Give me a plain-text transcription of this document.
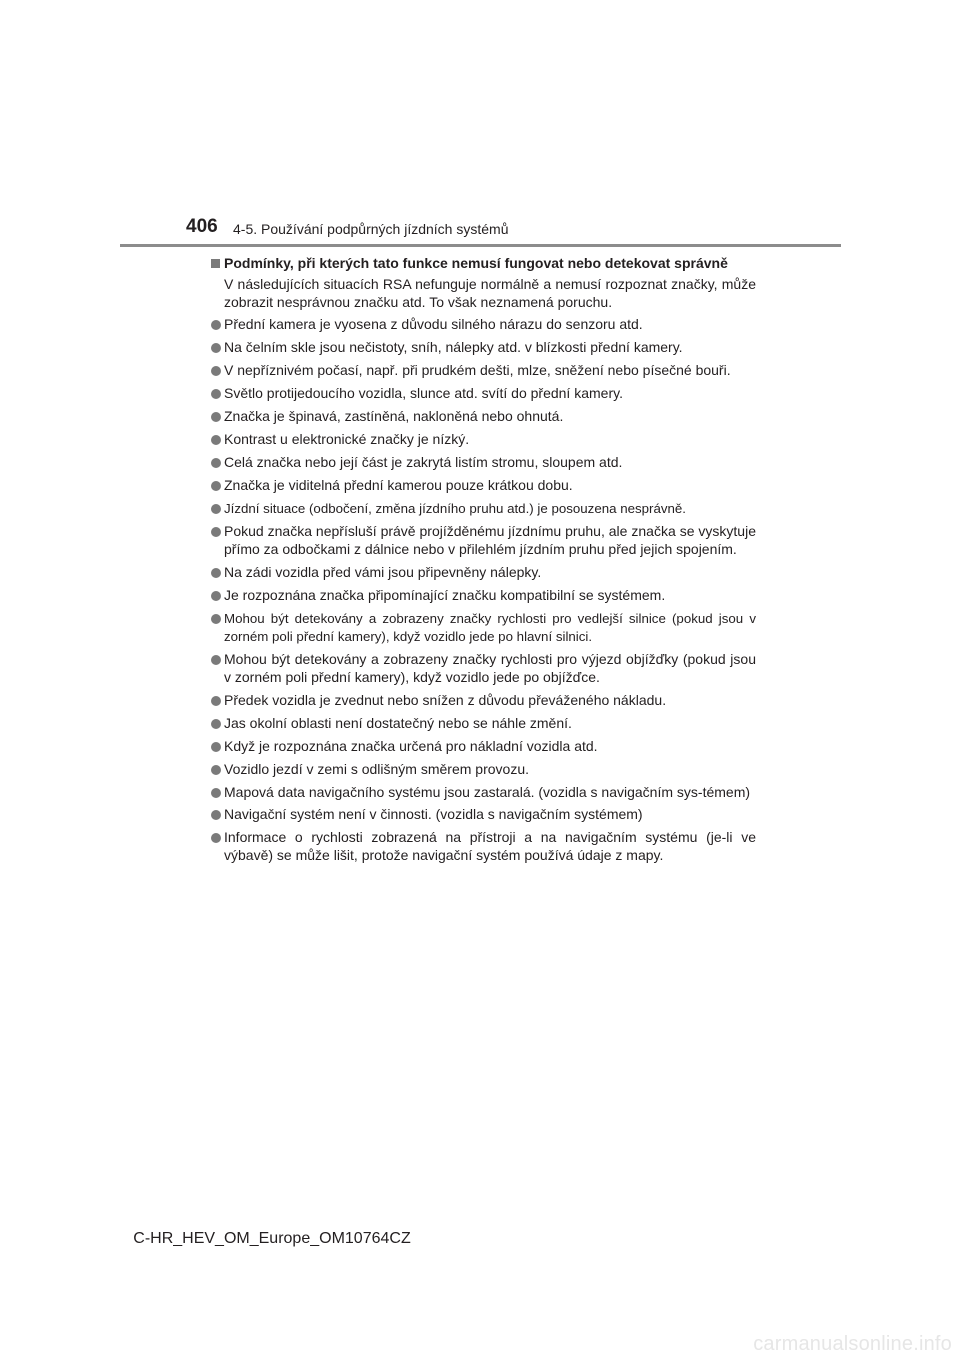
406 4-5. Používání podpůrných jízdních systémů
Podmínky, při kterých tato funkce nemusí fungovat nebo detekovat správně
V následujících situacích RSA nefunguje normálně a nemusí rozpoznat značky, může zobrazit nesprávnou značku atd. To však neznamená poruchu.
Přední kamera je vyosena z důvodu silného nárazu do senzoru atd.
Na čelním skle jsou nečistoty, sníh, nálepky atd. v blízkosti přední kamery.
V nepříznivém počasí, např. při prudkém dešti, mlze, sněžení nebo písečné bouři.
Světlo protijedoucího vozidla, slunce atd. svítí do přední kamery.
Značka je špinavá, zastíněná, nakloněná nebo ohnutá.
Kontrast u elektronické značky je nízký.
Celá značka nebo její část je zakrytá listím stromu, sloupem atd.
Značka je viditelná přední kamerou pouze krátkou dobu.
Jízdní situace (odbočení, změna jízdního pruhu atd.) je posouzena nesprávně.
Pokud značka nepřísluší právě projížděnému jízdnímu pruhu, ale značka se vyskytuje přímo za odbočkami z dálnice nebo v přilehlém jízdním pruhu před jejich spojením.
Na zádi vozidla před vámi jsou připevněny nálepky.
Je rozpoznána značka připomínající značku kompatibilní se systémem.
Mohou být detekovány a zobrazeny značky rychlosti pro vedlejší silnice (pokud jsou v zorném poli přední kamery), když vozidlo jede po hlavní silnici.
Mohou být detekovány a zobrazeny značky rychlosti pro výjezd objížďky (pokud jsou v zorném poli přední kamery), když vozidlo jede po objížďce.
Předek vozidla je zvednut nebo snížen z důvodu převáženého nákladu.
Jas okolní oblasti není dostatečný nebo se náhle změní.
Když je rozpoznána značka určená pro nákladní vozidla atd.
Vozidlo jezdí v zemi s odlišným směrem provozu.
Mapová data navigačního systému jsou zastaralá. (vozidla s navigačním sys-témem)
Navigační systém není v činnosti. (vozidla s navigačním systémem)
Informace o rychlosti zobrazená na přístroji a na navigačním systému (je-li ve výbavě) se může lišit, protože navigační systém používá údaje z mapy.
C-HR_HEV_OM_Europe_OM10764CZ
carmanualsonline.info
